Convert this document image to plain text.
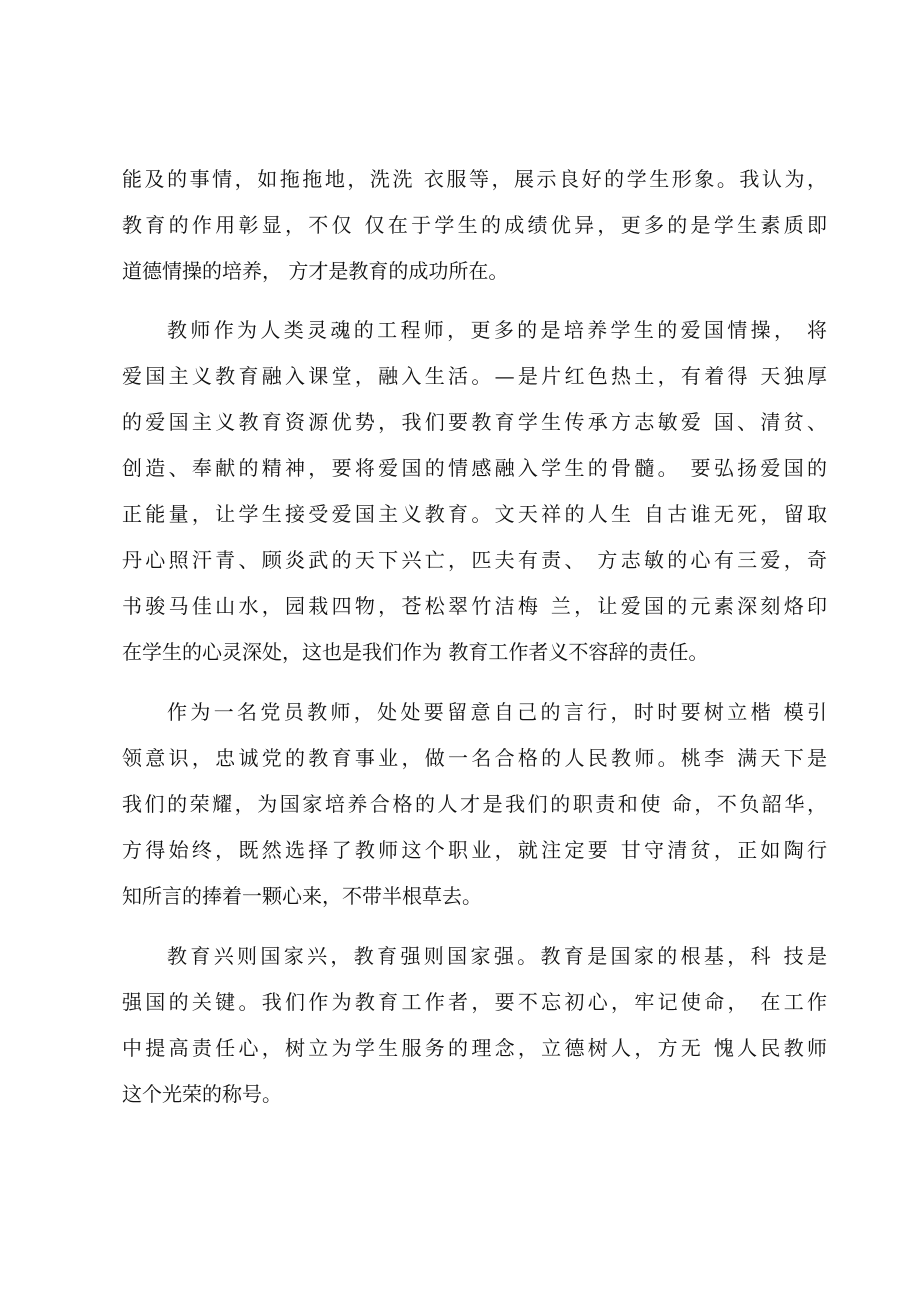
能及的事情，如拖拖地，洗洗 衣服等，展示良好的学生形象。我认为，

教育的作用彰显，不仅 仅在于学生的成绩优异，更多的是学生素质即

道德情操的培养， 方才是教育的成功所在。

教师作为人类灵魂的工程师，更多的是培养学生的爱国情操， 将

爱国主义教育融入课堂，融入生活。—是片红色热土，有着得 天独厚

的爱国主义教育资源优势，我们要教育学生传承方志敏爱 国、清贫、

创造、奉献的精神，要将爱国的情感融入学生的骨髓。 要弘扬爱国的

正能量，让学生接受爱国主义教育。文天祥的人生 自古谁无死，留取

丹心照汗青、顾炎武的天下兴亡，匹夫有责、 方志敏的心有三爱，奇

书骏马佳山水，园栽四物，苍松翠竹洁梅 兰，让爱国的元素深刻烙印

在学生的心灵深处，这也是我们作为 教育工作者义不容辞的责任。

作为一名党员教师，处处要留意自己的言行，时时要树立楷 模引

领意识，忠诚党的教育事业，做一名合格的人民教师。桃李 满天下是

我们的荣耀，为国家培养合格的人才是我们的职责和使 命，不负韶华，

方得始终，既然选择了教师这个职业，就注定要 甘守清贫，正如陶行

知所言的捧着一颗心来，不带半根草去。

教育兴则国家兴，教育强则国家强。教育是国家的根基，科 技是

强国的关键。我们作为教育工作者，要不忘初心，牢记使命， 在工作

中提高责任心，树立为学生服务的理念，立德树人，方无 愧人民教师

这个光荣的称号。
